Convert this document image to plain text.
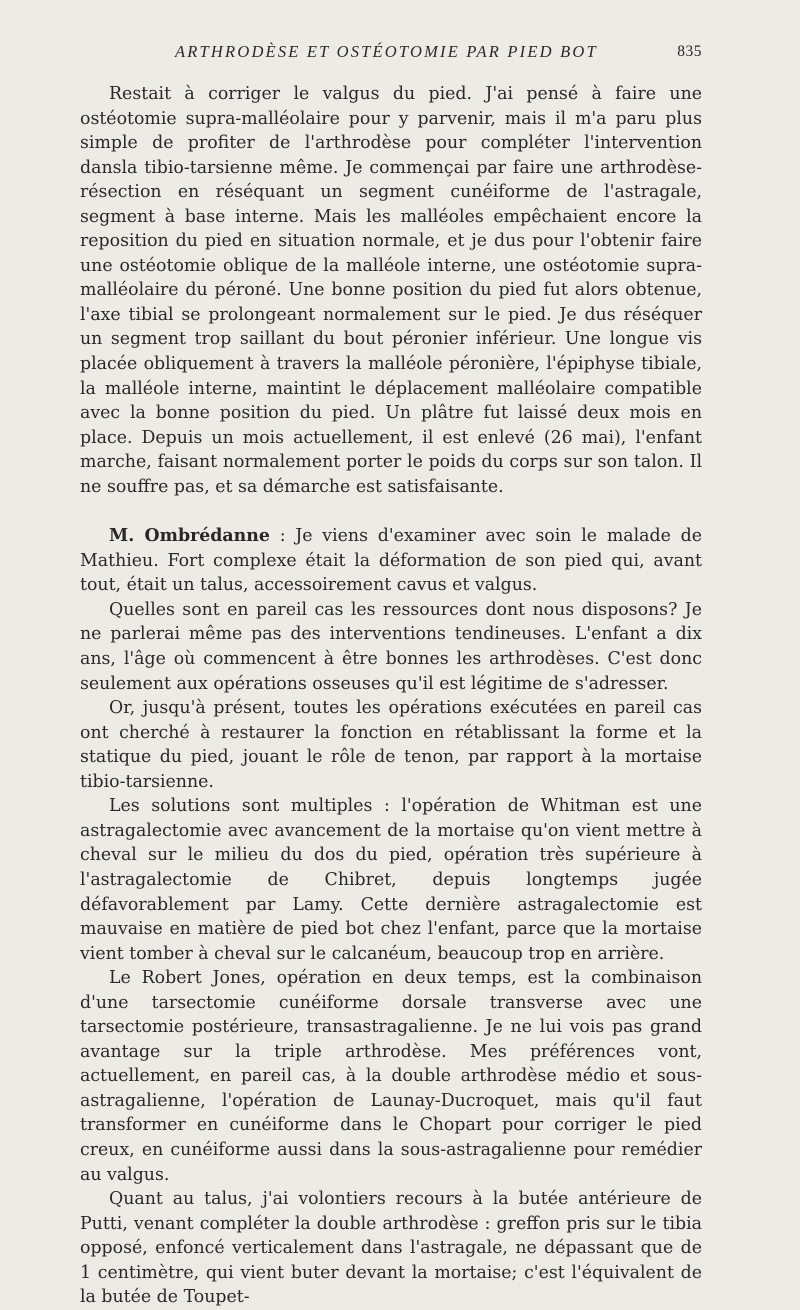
ARTHRODÈSE ET OSTÉOTOMIE PAR PIED BOT	835

Restait à corriger le valgus du pied. J'ai pensé à faire une ostéotomie supra-malléolaire pour y parvenir, mais il m'a paru plus simple de profiter de l'arthrodèse pour compléter l'intervention dansla tibio-tarsienne même. Je commençai par faire une arthrodèse-résection en réséquant un segment cunéiforme de l'astragale, segment à base interne. Mais les malléoles empêchaient encore la reposition du pied en situation normale, et je dus pour l'obtenir faire une ostéotomie oblique de la malléole interne, une ostéotomie supra-malléolaire du péroné. Une bonne position du pied fut alors obtenue, l'axe tibial se prolongeant normalement sur le pied. Je dus réséquer un segment trop saillant du bout péronier inférieur. Une longue vis placée obliquement à travers la malléole péronière, l'épiphyse tibiale, la malléole interne, maintint le déplacement malléolaire compatible avec la bonne position du pied. Un plâtre fut laissé deux mois en place. Depuis un mois actuellement, il est enlevé (26 mai), l'enfant marche, faisant normalement porter le poids du corps sur son talon. Il ne souffre pas, et sa démarche est satisfaisante.

M. Ombrédanne : Je viens d'examiner avec soin le malade de Mathieu. Fort complexe était la déformation de son pied qui, avant tout, était un talus, accessoirement cavus et valgus.

Quelles sont en pareil cas les ressources dont nous disposons? Je ne parlerai même pas des interventions tendineuses. L'enfant a dix ans, l'âge où commencent à être bonnes les arthrodèses. C'est donc seulement aux opérations osseuses qu'il est légitime de s'adresser.

Or, jusqu'à présent, toutes les opérations exécutées en pareil cas ont cherché à restaurer la fonction en rétablissant la forme et la statique du pied, jouant le rôle de tenon, par rapport à la mortaise tibio-tarsienne.

Les solutions sont multiples : l'opération de Whitman est une astragalectomie avec avancement de la mortaise qu'on vient mettre à cheval sur le milieu du dos du pied, opération très supérieure à l'astragalectomie de Chibret, depuis longtemps jugée défavorablement par Lamy. Cette dernière astragalectomie est mauvaise en matière de pied bot chez l'enfant, parce que la mortaise vient tomber à cheval sur le calcanéum, beaucoup trop en arrière.

Le Robert Jones, opération en deux temps, est la combinaison d'une tarsectomie cunéiforme dorsale transverse avec une tarsectomie postérieure, transastragalienne. Je ne lui vois pas grand avantage sur la triple arthrodèse. Mes préférences vont, actuellement, en pareil cas, à la double arthrodèse médio et sous-astragalienne, l'opération de Launay-Ducroquet, mais qu'il faut transformer en cunéiforme dans le Chopart pour corriger le pied creux, en cunéiforme aussi dans la sous-astragalienne pour remédier au valgus.

Quant au talus, j'ai volontiers recours à la butée antérieure de Putti, venant compléter la double arthrodèse : greffon pris sur le tibia opposé, enfoncé verticalement dans l'astragale, ne dépassant que de 1 centimètre, qui vient buter devant la mortaise; c'est l'équivalent de la butée de Toupet-
